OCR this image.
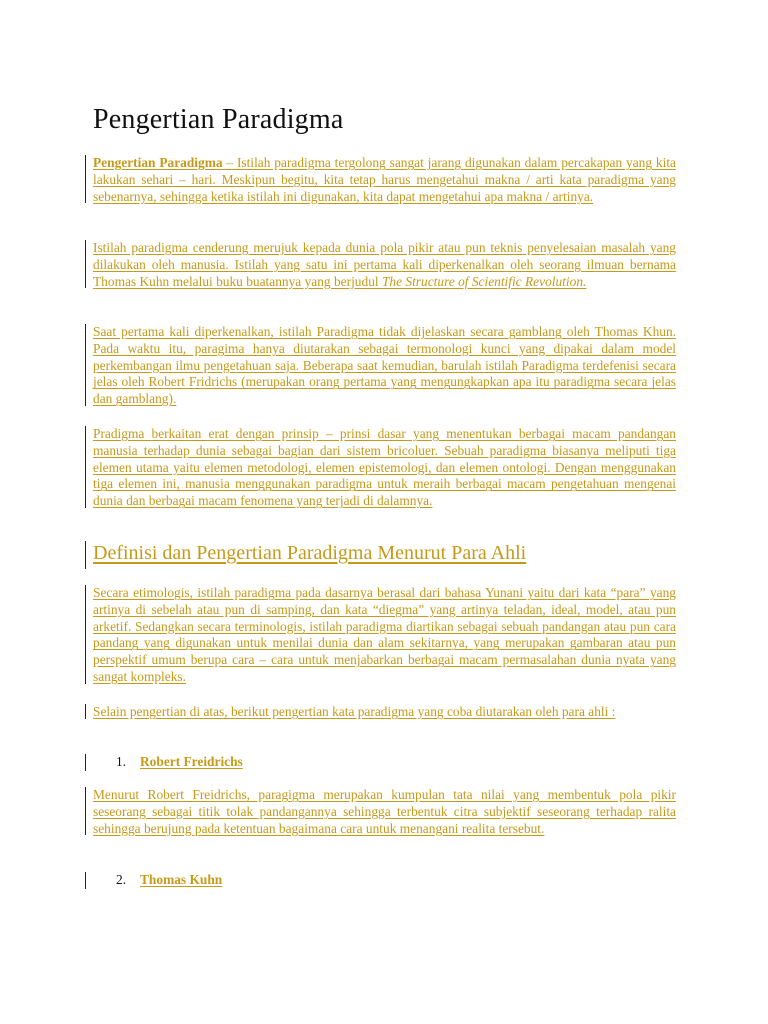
Pengertian Paradigma

Pengertian Paradigma – Istilah paradigma tergolong sangat jarang digunakan dalam percakapan yang kita lakukan sehari – hari. Meskipun begitu, kita tetap harus mengetahui makna / arti kata paradigma yang sebenarnya, sehingga ketika istilah ini digunakan, kita dapat mengetahui apa makna / artinya.

Istilah paradigma cenderung merujuk kepada dunia pola pikir atau pun teknis penyelesaian masalah yang dilakukan oleh manusia. Istilah yang satu ini pertama kali diperkenalkan oleh seorang ilmuan bernama Thomas Kuhn melalui buku buatannya yang berjudul The Structure of Scientific Revolution.

Saat pertama kali diperkenalkan, istilah Paradigma tidak dijelaskan secara gamblang oleh Thomas Khun. Pada waktu itu, paragima hanya diutarakan sebagai termonologi kunci yang dipakai dalam model perkembangan ilmu pengetahuan saja. Beberapa saat kemudian, barulah istilah Paradigma terdefenisi secara jelas oleh Robert Fridrichs (merupakan orang pertama yang mengungkapkan apa itu paradigma secara jelas dan gamblang).

Pradigma berkaitan erat dengan prinsip – prinsi dasar yang menentukan berbagai macam pandangan manusia terhadap dunia sebagai bagian dari sistem bricoluer. Sebuah paradigma biasanya meliputi tiga elemen utama yaitu elemen metodologi, elemen epistemologi, dan elemen ontologi. Dengan menggunakan tiga elemen ini, manusia menggunakan paradigma untuk meraih berbagai macam pengetahuan mengenai dunia dan berbagai macam fenomena yang terjadi di dalamnya.

Definisi dan Pengertian Paradigma Menurut Para Ahli

Secara etimologis, istilah paradigma pada dasarnya berasal dari bahasa Yunani yaitu dari kata “para” yang artinya di sebelah atau pun di samping, dan kata “diegma” yang artinya teladan, ideal, model, atau pun arketif. Sedangkan secara terminologis, istilah paradigma diartikan sebagai sebuah pandangan atau pun cara pandang yang digunakan untuk menilai dunia dan alam sekitarnya, yang merupakan gambaran atau pun perspektif umum berupa cara – cara untuk menjabarkan berbagai macam permasalahan dunia nyata yang sangat kompleks.

Selain pengertian di atas, berikut pengertian kata paradigma yang coba diutarakan oleh para ahli :

1. Robert Freidrichs

Menurut Robert Freidrichs, paragigma merupakan kumpulan tata nilai yang membentuk pola pikir seseorang sebagai titik tolak pandangannya sehingga terbentuk citra subjektif seseorang terhadap ralita sehingga berujung pada ketentuan bagaimana cara untuk menangani realita tersebut.

2. Thomas Kuhn
